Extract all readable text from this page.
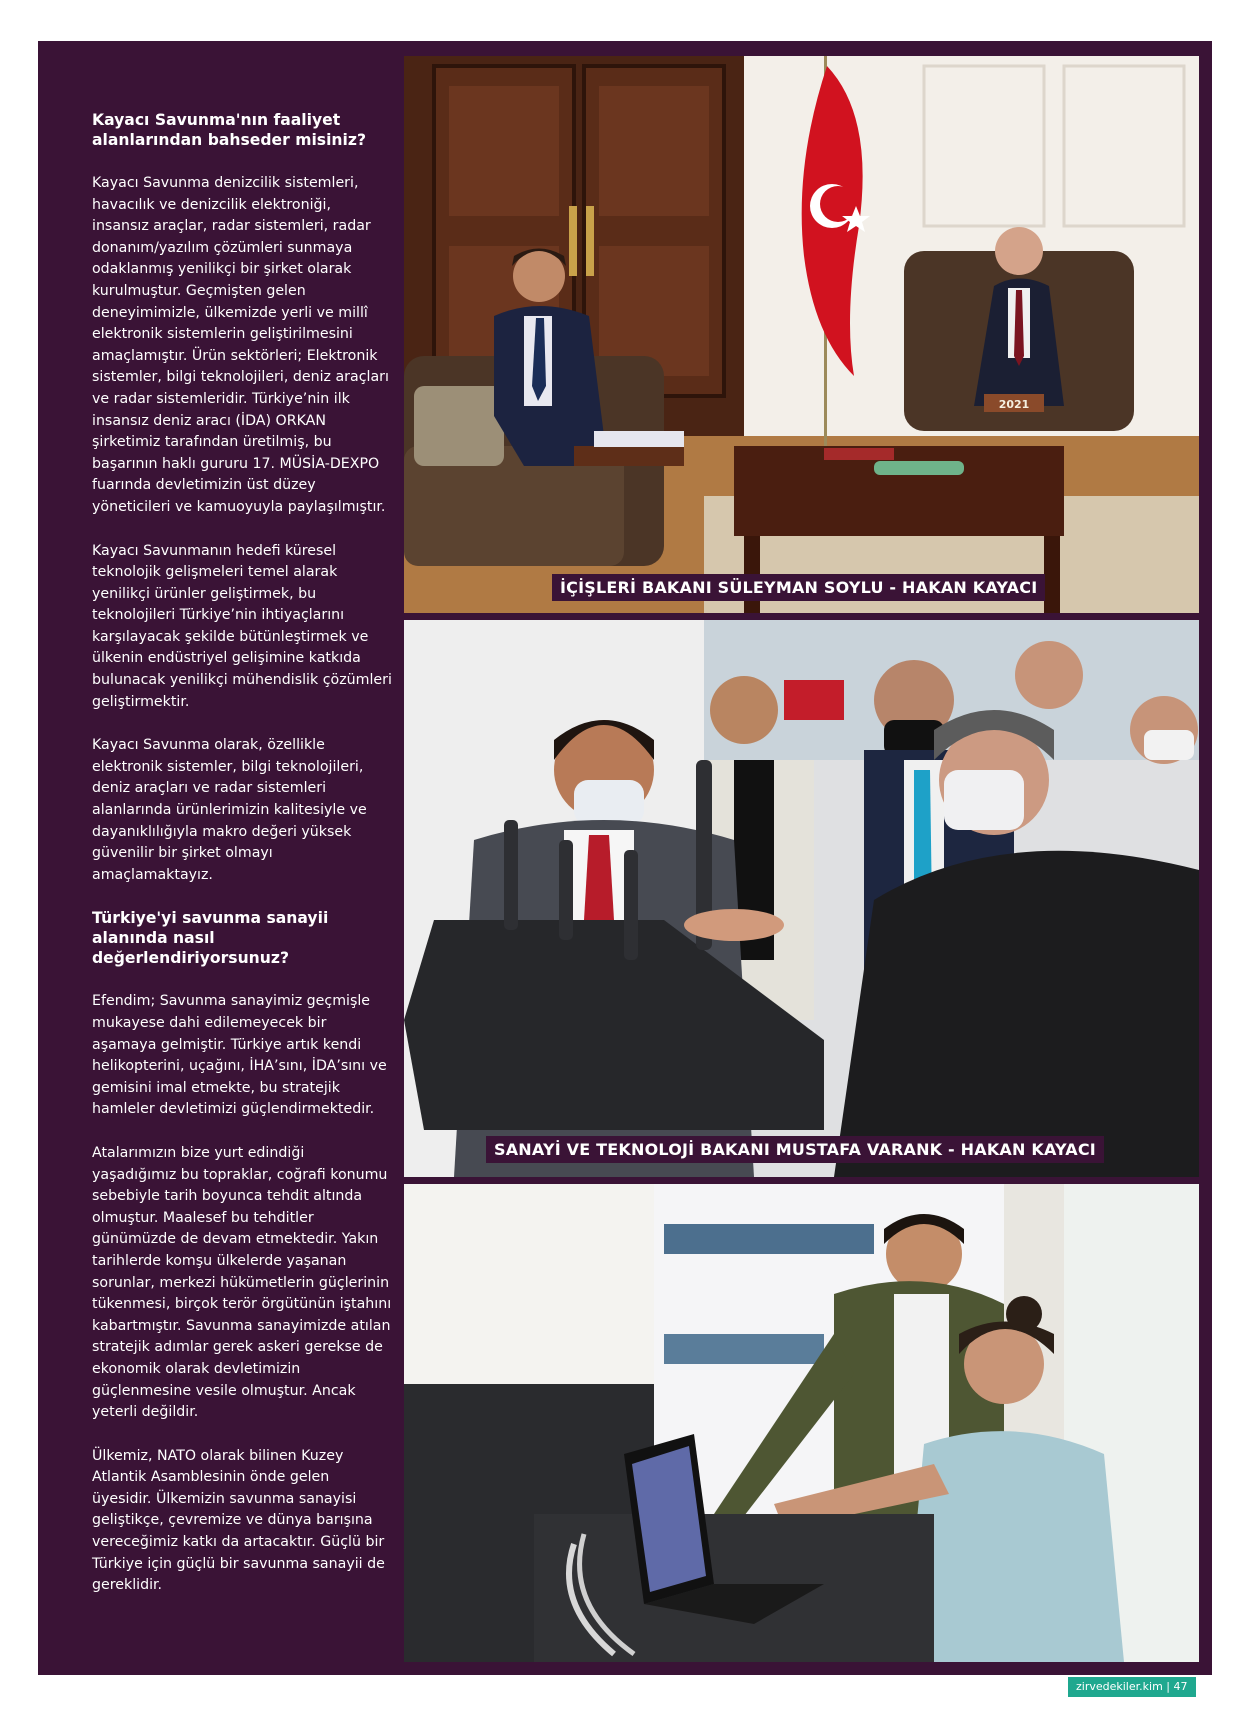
Kayacı Savunma'nın faaliyet alanlarından bahseder misiniz?

Kayacı Savunma denizcilik sistemleri, havacılık ve denizcilik elektroniği, insansız araçlar, radar sistemleri, radar donanım/yazılım çözümleri sunmaya odaklanmış yenilikçi bir şirket olarak kurulmuştur. Geçmişten gelen deneyimimizle, ülkemizde yerli ve millî elektronik sistemlerin geliştirilmesini amaçlamıştır. Ürün sektörleri; Elektronik sistemler, bilgi teknolojileri, deniz araçları ve radar sistemleridir. Türkiye’nin ilk insansız deniz aracı (İDA) ORKAN şirketimiz tarafından üretilmiş, bu başarının haklı gururu 17. MÜSİA-DEXPO fuarında devletimizin üst düzey yöneticileri ve kamuoyuyla paylaşılmıştır.

Kayacı Savunmanın hedefi küresel teknolojik gelişmeleri temel alarak yenilikçi ürünler geliştirmek, bu teknolojileri Türkiye’nin ihtiyaçlarını karşılayacak şekilde bütünleştirmek ve ülkenin endüstriyel gelişimine katkıda bulunacak yenilikçi mühendislik çözümleri geliştirmektir.

Kayacı Savunma olarak, özellikle elektronik sistemler, bilgi teknolojileri, deniz araçları ve radar sistemleri alanlarında ürünlerimizin kalitesiyle ve dayanıklılığıyla makro değeri yüksek güvenilir bir şirket olmayı amaçlamaktayız.

Türkiye'yi savunma sanayii alanında nasıl değerlendiriyorsunuz?

Efendim; Savunma sanayimiz geçmişle mukayese dahi edilemeyecek bir aşamaya gelmiştir. Türkiye artık kendi helikopterini, uçağını, İHA’sını, İDA’sını ve gemisini imal etmekte, bu stratejik hamleler devletimizi güçlendirmektedir.

Atalarımızın bize yurt edindiği yaşadığımız bu topraklar, coğrafi konumu sebebiyle tarih boyunca tehdit altında olmuştur. Maalesef bu tehditler günümüzde de devam etmektedir. Yakın tarihlerde komşu ülkelerde yaşanan sorunlar, merkezi hükümetlerin güçlerinin tükenmesi, birçok terör örgütünün iştahını kabartmıştır. Savunma sanayimizde atılan stratejik adımlar gerek askeri gerekse de ekonomik olarak devletimizin güçlenmesine vesile olmuştur. Ancak yeterli değildir.

Ülkemiz, NATO olarak bilinen Kuzey Atlantik Asamblesinin önde gelen üyesidir. Ülkemizin savunma sanayisi geliştikçe, çevremize ve dünya barışına vereceğimiz katkı da artacaktır. Güçlü bir Türkiye için güçlü bir savunma sanayii de gereklidir.

2021
İÇİŞLERİ BAKANI SÜLEYMAN SOYLU - HAKAN KAYACI
SANAYİ VE TEKNOLOJİ BAKANI MUSTAFA VARANK - HAKAN KAYACI
zirvedekiler.kim | 47
